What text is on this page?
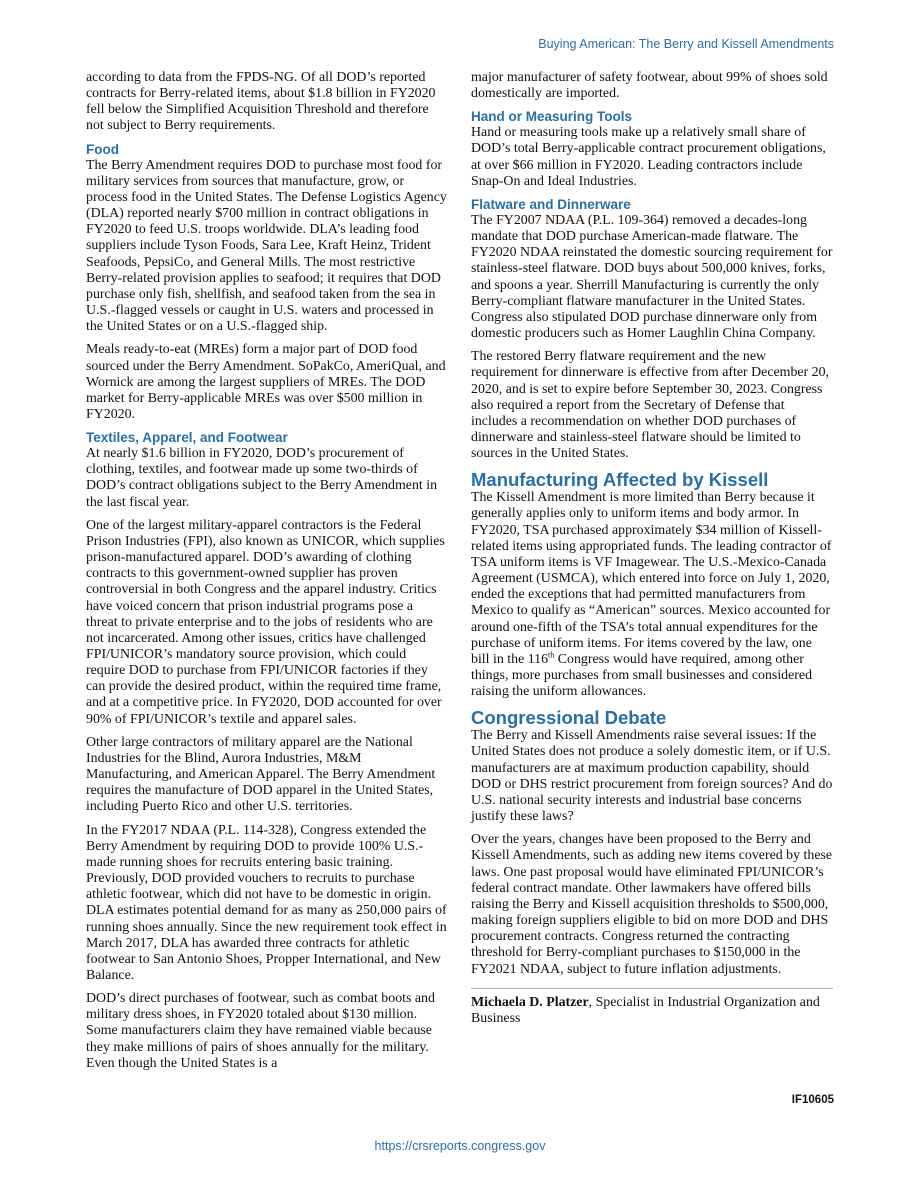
Buying American: The Berry and Kissell Amendments

according to data from the FPDS-NG. Of all DOD’s reported contracts for Berry-related items, about $1.8 billion in FY2020 fell below the Simplified Acquisition Threshold and therefore not subject to Berry requirements.

Food

The Berry Amendment requires DOD to purchase most food for military services from sources that manufacture, grow, or process food in the United States. The Defense Logistics Agency (DLA) reported nearly $700 million in contract obligations in FY2020 to feed U.S. troops worldwide. DLA’s leading food suppliers include Tyson Foods, Sara Lee, Kraft Heinz, Trident Seafoods, PepsiCo, and General Mills. The most restrictive Berry-related provision applies to seafood; it requires that DOD purchase only fish, shellfish, and seafood taken from the sea in U.S.-flagged vessels or caught in U.S. waters and processed in the United States or on a U.S.-flagged ship.

Meals ready-to-eat (MREs) form a major part of DOD food sourced under the Berry Amendment. SoPakCo, AmeriQual, and Wornick are among the largest suppliers of MREs. The DOD market for Berry-applicable MREs was over $500 million in FY2020.

Textiles, Apparel, and Footwear

At nearly $1.6 billion in FY2020, DOD’s procurement of clothing, textiles, and footwear made up some two-thirds of DOD’s contract obligations subject to the Berry Amendment in the last fiscal year.

One of the largest military-apparel contractors is the Federal Prison Industries (FPI), also known as UNICOR, which supplies prison-manufactured apparel. DOD’s awarding of clothing contracts to this government-owned supplier has proven controversial in both Congress and the apparel industry. Critics have voiced concern that prison industrial programs pose a threat to private enterprise and to the jobs of residents who are not incarcerated. Among other issues, critics have challenged FPI/UNICOR’s mandatory source provision, which could require DOD to purchase from FPI/UNICOR factories if they can provide the desired product, within the required time frame, and at a competitive price. In FY2020, DOD accounted for over 90% of FPI/UNICOR’s textile and apparel sales.

Other large contractors of military apparel are the National Industries for the Blind, Aurora Industries, M&M Manufacturing, and American Apparel. The Berry Amendment requires the manufacture of DOD apparel in the United States, including Puerto Rico and other U.S. territories.

In the FY2017 NDAA (P.L. 114-328), Congress extended the Berry Amendment by requiring DOD to provide 100% U.S.-made running shoes for recruits entering basic training. Previously, DOD provided vouchers to recruits to purchase athletic footwear, which did not have to be domestic in origin. DLA estimates potential demand for as many as 250,000 pairs of running shoes annually. Since the new requirement took effect in March 2017, DLA has awarded three contracts for athletic footwear to San Antonio Shoes, Propper International, and New Balance.

DOD’s direct purchases of footwear, such as combat boots and military dress shoes, in FY2020 totaled about $130 million. Some manufacturers claim they have remained viable because they make millions of pairs of shoes annually for the military. Even though the United States is a

major manufacturer of safety footwear, about 99% of shoes sold domestically are imported.

Hand or Measuring Tools

Hand or measuring tools make up a relatively small share of DOD’s total Berry-applicable contract procurement obligations, at over $66 million in FY2020. Leading contractors include Snap-On and Ideal Industries.

Flatware and Dinnerware

The FY2007 NDAA (P.L. 109-364) removed a decades-long mandate that DOD purchase American-made flatware. The FY2020 NDAA reinstated the domestic sourcing requirement for stainless-steel flatware. DOD buys about 500,000 knives, forks, and spoons a year. Sherrill Manufacturing is currently the only Berry-compliant flatware manufacturer in the United States. Congress also stipulated DOD purchase dinnerware only from domestic producers such as Homer Laughlin China Company.

The restored Berry flatware requirement and the new requirement for dinnerware is effective from after December 20, 2020, and is set to expire before September 30, 2023. Congress also required a report from the Secretary of Defense that includes a recommendation on whether DOD purchases of dinnerware and stainless-steel flatware should be limited to sources in the United States.

Manufacturing Affected by Kissell

The Kissell Amendment is more limited than Berry because it generally applies only to uniform items and body armor. In FY2020, TSA purchased approximately $34 million of Kissell-related items using appropriated funds. The leading contractor of TSA uniform items is VF Imagewear. The U.S.-Mexico-Canada Agreement (USMCA), which entered into force on July 1, 2020, ended the exceptions that had permitted manufacturers from Mexico to qualify as “American” sources. Mexico accounted for around one-fifth of the TSA’s total annual expenditures for the purchase of uniform items. For items covered by the law, one bill in the 116th Congress would have required, among other things, more purchases from small businesses and considered raising the uniform allowances.

Congressional Debate

The Berry and Kissell Amendments raise several issues: If the United States does not produce a solely domestic item, or if U.S. manufacturers are at maximum production capability, should DOD or DHS restrict procurement from foreign sources? And do U.S. national security interests and industrial base concerns justify these laws?

Over the years, changes have been proposed to the Berry and Kissell Amendments, such as adding new items covered by these laws. One past proposal would have eliminated FPI/UNICOR’s federal contract mandate. Other lawmakers have offered bills raising the Berry and Kissell acquisition thresholds to $500,000, making foreign suppliers eligible to bid on more DOD and DHS procurement contracts. Congress returned the contracting threshold for Berry-compliant purchases to $150,000 in the FY2021 NDAA, subject to future inflation adjustments.

Michaela D. Platzer, Specialist in Industrial Organization and Business

IF10605
https://crsreports.congress.gov
